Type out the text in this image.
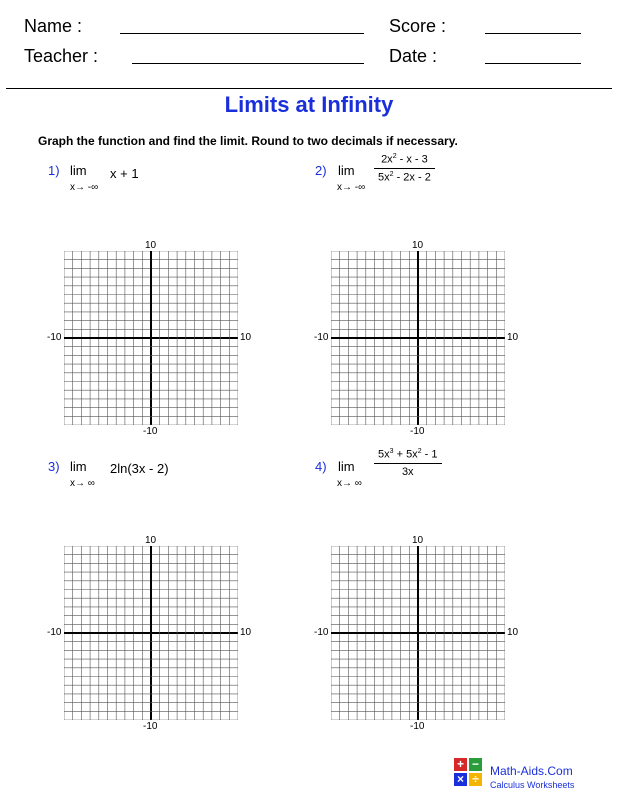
Name :	Score :
Teacher :	Date :
Limits at Infinity
Graph the function and find the limit. Round to two decimals if necessary.
1) lim
x→ -∞
x + 1	2) lim
x→ -∞
$2x^2$ - x - 3
$5x^2 - 2x - 2$
3) lim
x→ ∞
2ln(3x - 2)	4) lim
x→ ∞
$5x^3 + 5x^2 - 1$
3x
10
-10
-10	10
10
-10
-10	10
10
-10
-10	10
10
-10
-10	10
+ −
× ÷
Math-Aids.Com
Calculus Worksheets
